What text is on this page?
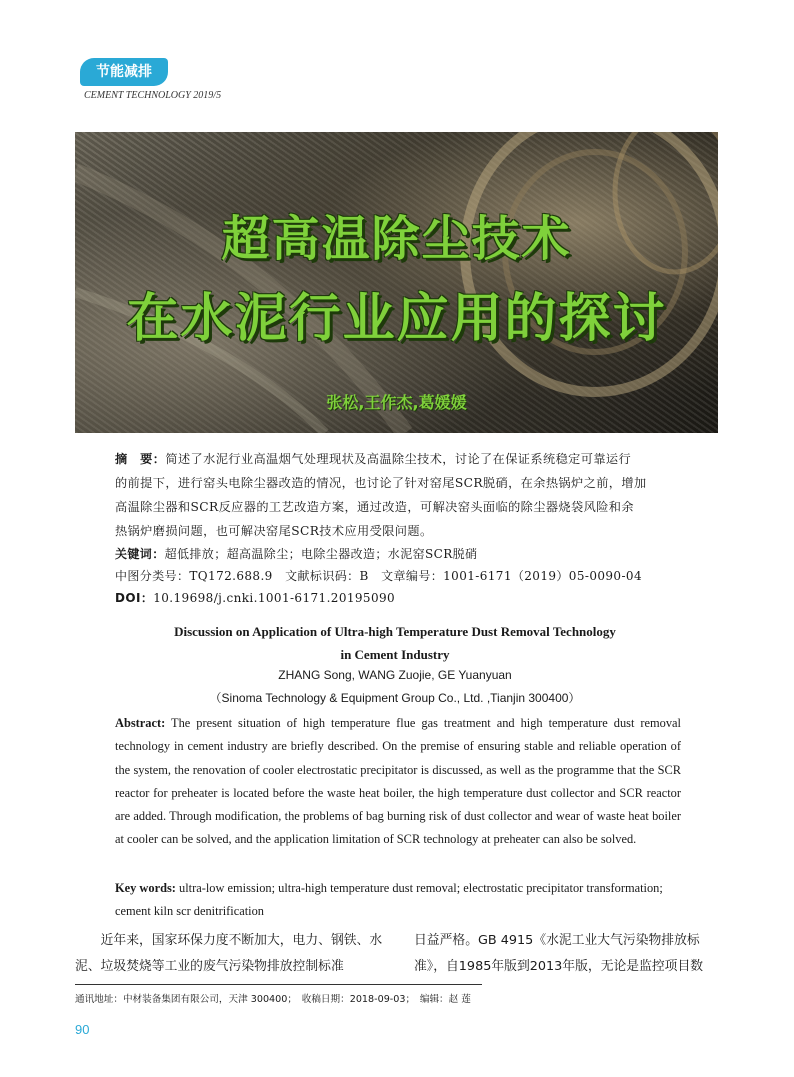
节能减排
CEMENT TECHNOLOGY 2019/5
超高温除尘技术
在水泥行业应用的探讨
张松,王作杰,葛媛媛
摘　要：简述了水泥行业高温烟气处理现状及高温除尘技术，讨论了在保证系统稳定可靠运行
的前提下，进行窑头电除尘器改造的情况，也讨论了针对窑尾SCR脱硝，在余热锅炉之前，增加
高温除尘器和SCR反应器的工艺改造方案，通过改造，可解决窑头面临的除尘器烧袋风险和余
热锅炉磨损问题，也可解决窑尾SCR技术应用受限问题。
关键词：超低排放；超高温除尘；电除尘器改造；水泥窑SCR脱硝
中图分类号：TQ172.688.9　文献标识码：B　文章编号：1001-6171（2019）05-0090-04
DOI：10.19698/j.cnki.1001-6171.20195090
Discussion on Application of Ultra-high Temperature Dust Removal Technology
in Cement Industry
ZHANG Song, WANG Zuojie, GE Yuanyuan
（Sinoma Technology & Equipment Group Co., Ltd. ,Tianjin 300400）
Abstract: The present situation of high temperature flue gas treatment and high temperature dust removal technology in cement industry are briefly described. On the premise of ensuring stable and reliable operation of the system, the renovation of cooler electrostatic precipitator is discussed, as well as the programme that the SCR reactor for preheater is located before the waste heat boiler, the high temperature dust collector and SCR reactor are added. Through modification, the problems of bag burning risk of dust collector and wear of waste heat boiler at cooler can be solved, and the application limitation of SCR technology at preheater can also be solved.
Key words: ultra-low emission; ultra-high temperature dust removal; electrostatic precipitator transformation; cement kiln scr denitrification
　　近年来，国家环保力度不断加大，电力、钢铁、水泥、垃圾焚烧等工业的废气污染物排放控制标准
日益严格。GB 4915《水泥工业大气污染物排放标准》，自1985年版到2013年版，无论是监控项目数
通讯地址：中材装备集团有限公司，天津 300400；　收稿日期：2018-09-03；　编辑：赵 莲
90
